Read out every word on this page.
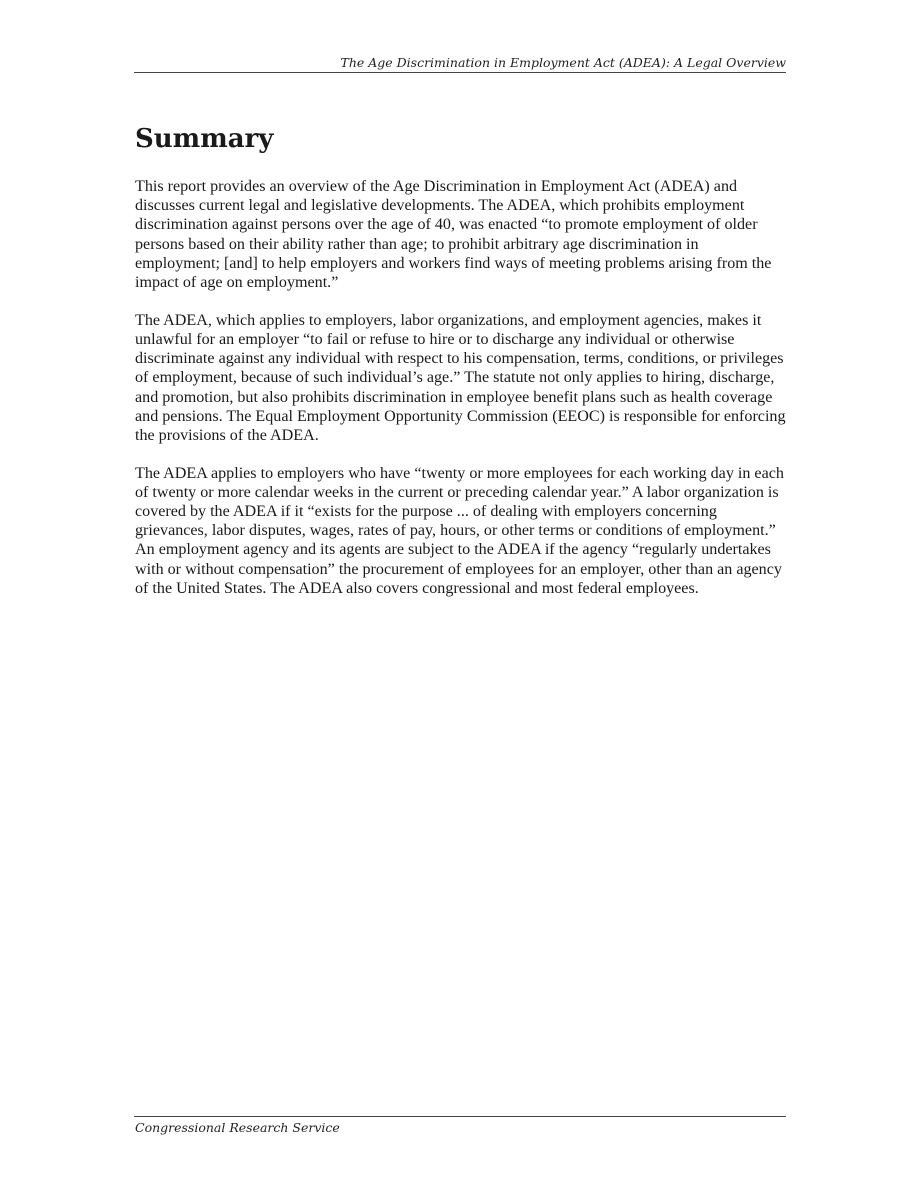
The Age Discrimination in Employment Act (ADEA): A Legal Overview
Summary

This report provides an overview of the Age Discrimination in Employment Act (ADEA) and discusses current legal and legislative developments. The ADEA, which prohibits employment discrimination against persons over the age of 40, was enacted “to promote employment of older persons based on their ability rather than age; to prohibit arbitrary age discrimination in employment; [and] to help employers and workers find ways of meeting problems arising from the impact of age on employment.”

The ADEA, which applies to employers, labor organizations, and employment agencies, makes it unlawful for an employer “to fail or refuse to hire or to discharge any individual or otherwise discriminate against any individual with respect to his compensation, terms, conditions, or privileges of employment, because of such individual’s age.” The statute not only applies to hiring, discharge, and promotion, but also prohibits discrimination in employee benefit plans such as health coverage and pensions. The Equal Employment Opportunity Commission (EEOC) is responsible for enforcing the provisions of the ADEA.

The ADEA applies to employers who have “twenty or more employees for each working day in each of twenty or more calendar weeks in the current or preceding calendar year.” A labor organization is covered by the ADEA if it “exists for the purpose ... of dealing with employers concerning grievances, labor disputes, wages, rates of pay, hours, or other terms or conditions of employment.” An employment agency and its agents are subject to the ADEA if the agency “regularly undertakes with or without compensation” the procurement of employees for an employer, other than an agency of the United States. The ADEA also covers congressional and most federal employees.

Congressional Research Service
